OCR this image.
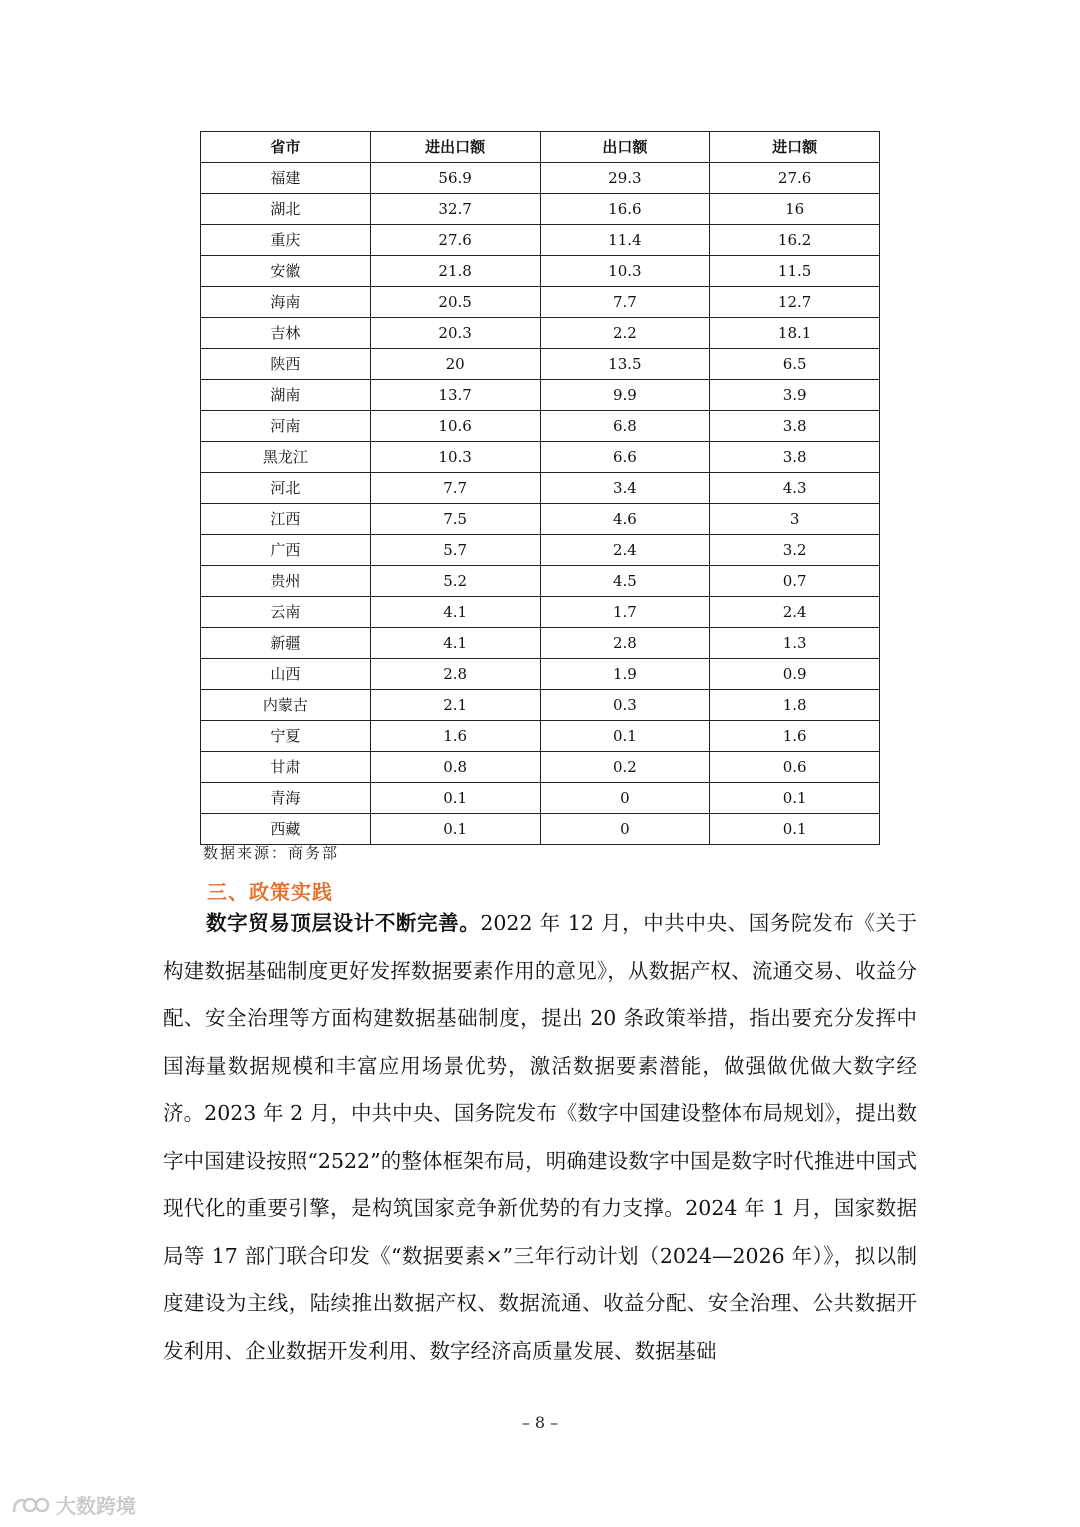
省市	进出口额	出口额	进口额
福建	56.9	29.3	27.6
湖北	32.7	16.6	16
重庆	27.6	11.4	16.2
安徽	21.8	10.3	11.5
海南	20.5	7.7	12.7
吉林	20.3	2.2	18.1
陕西	20	13.5	6.5
湖南	13.7	9.9	3.9
河南	10.6	6.8	3.8
黑龙江	10.3	6.6	3.8
河北	7.7	3.4	4.3
江西	7.5	4.6	3
广西	5.7	2.4	3.2
贵州	5.2	4.5	0.7
云南	4.1	1.7	2.4
新疆	4.1	2.8	1.3
山西	2.8	1.9	0.9
内蒙古	2.1	0.3	1.8
宁夏	1.6	0.1	1.6
甘肃	0.8	0.2	0.6
青海	0.1	0	0.1
西藏	0.1	0	0.1
数据来源：商务部
三、政策实践
数字贸易顶层设计不断完善。2022 年 12 月，中共中央、国务院发布《关于构建数据基础制度更好发挥数据要素作用的意见》，从数据产权、流通交易、收益分配、安全治理等方面构建数据基础制度，提出 20 条政策举措，指出要充分发挥中国海量数据规模和丰富应用场景优势，激活数据要素潜能，做强做优做大数字经济。2023 年 2 月，中共中央、国务院发布《数字中国建设整体布局规划》，提出数字中国建设按照“2522”的整体框架布局，明确建设数字中国是数字时代推进中国式现代化的重要引擎，是构筑国家竞争新优势的有力支撑。2024 年 1 月，国家数据局等 17 部门联合印发《“数据要素×”三年行动计划（2024—2026 年）》，拟以制度建设为主线，陆续推出数据产权、数据流通、收益分配、安全治理、公共数据开发利用、企业数据开发利用、数字经济高质量发展、数据基础
– 8 –
大数跨境
